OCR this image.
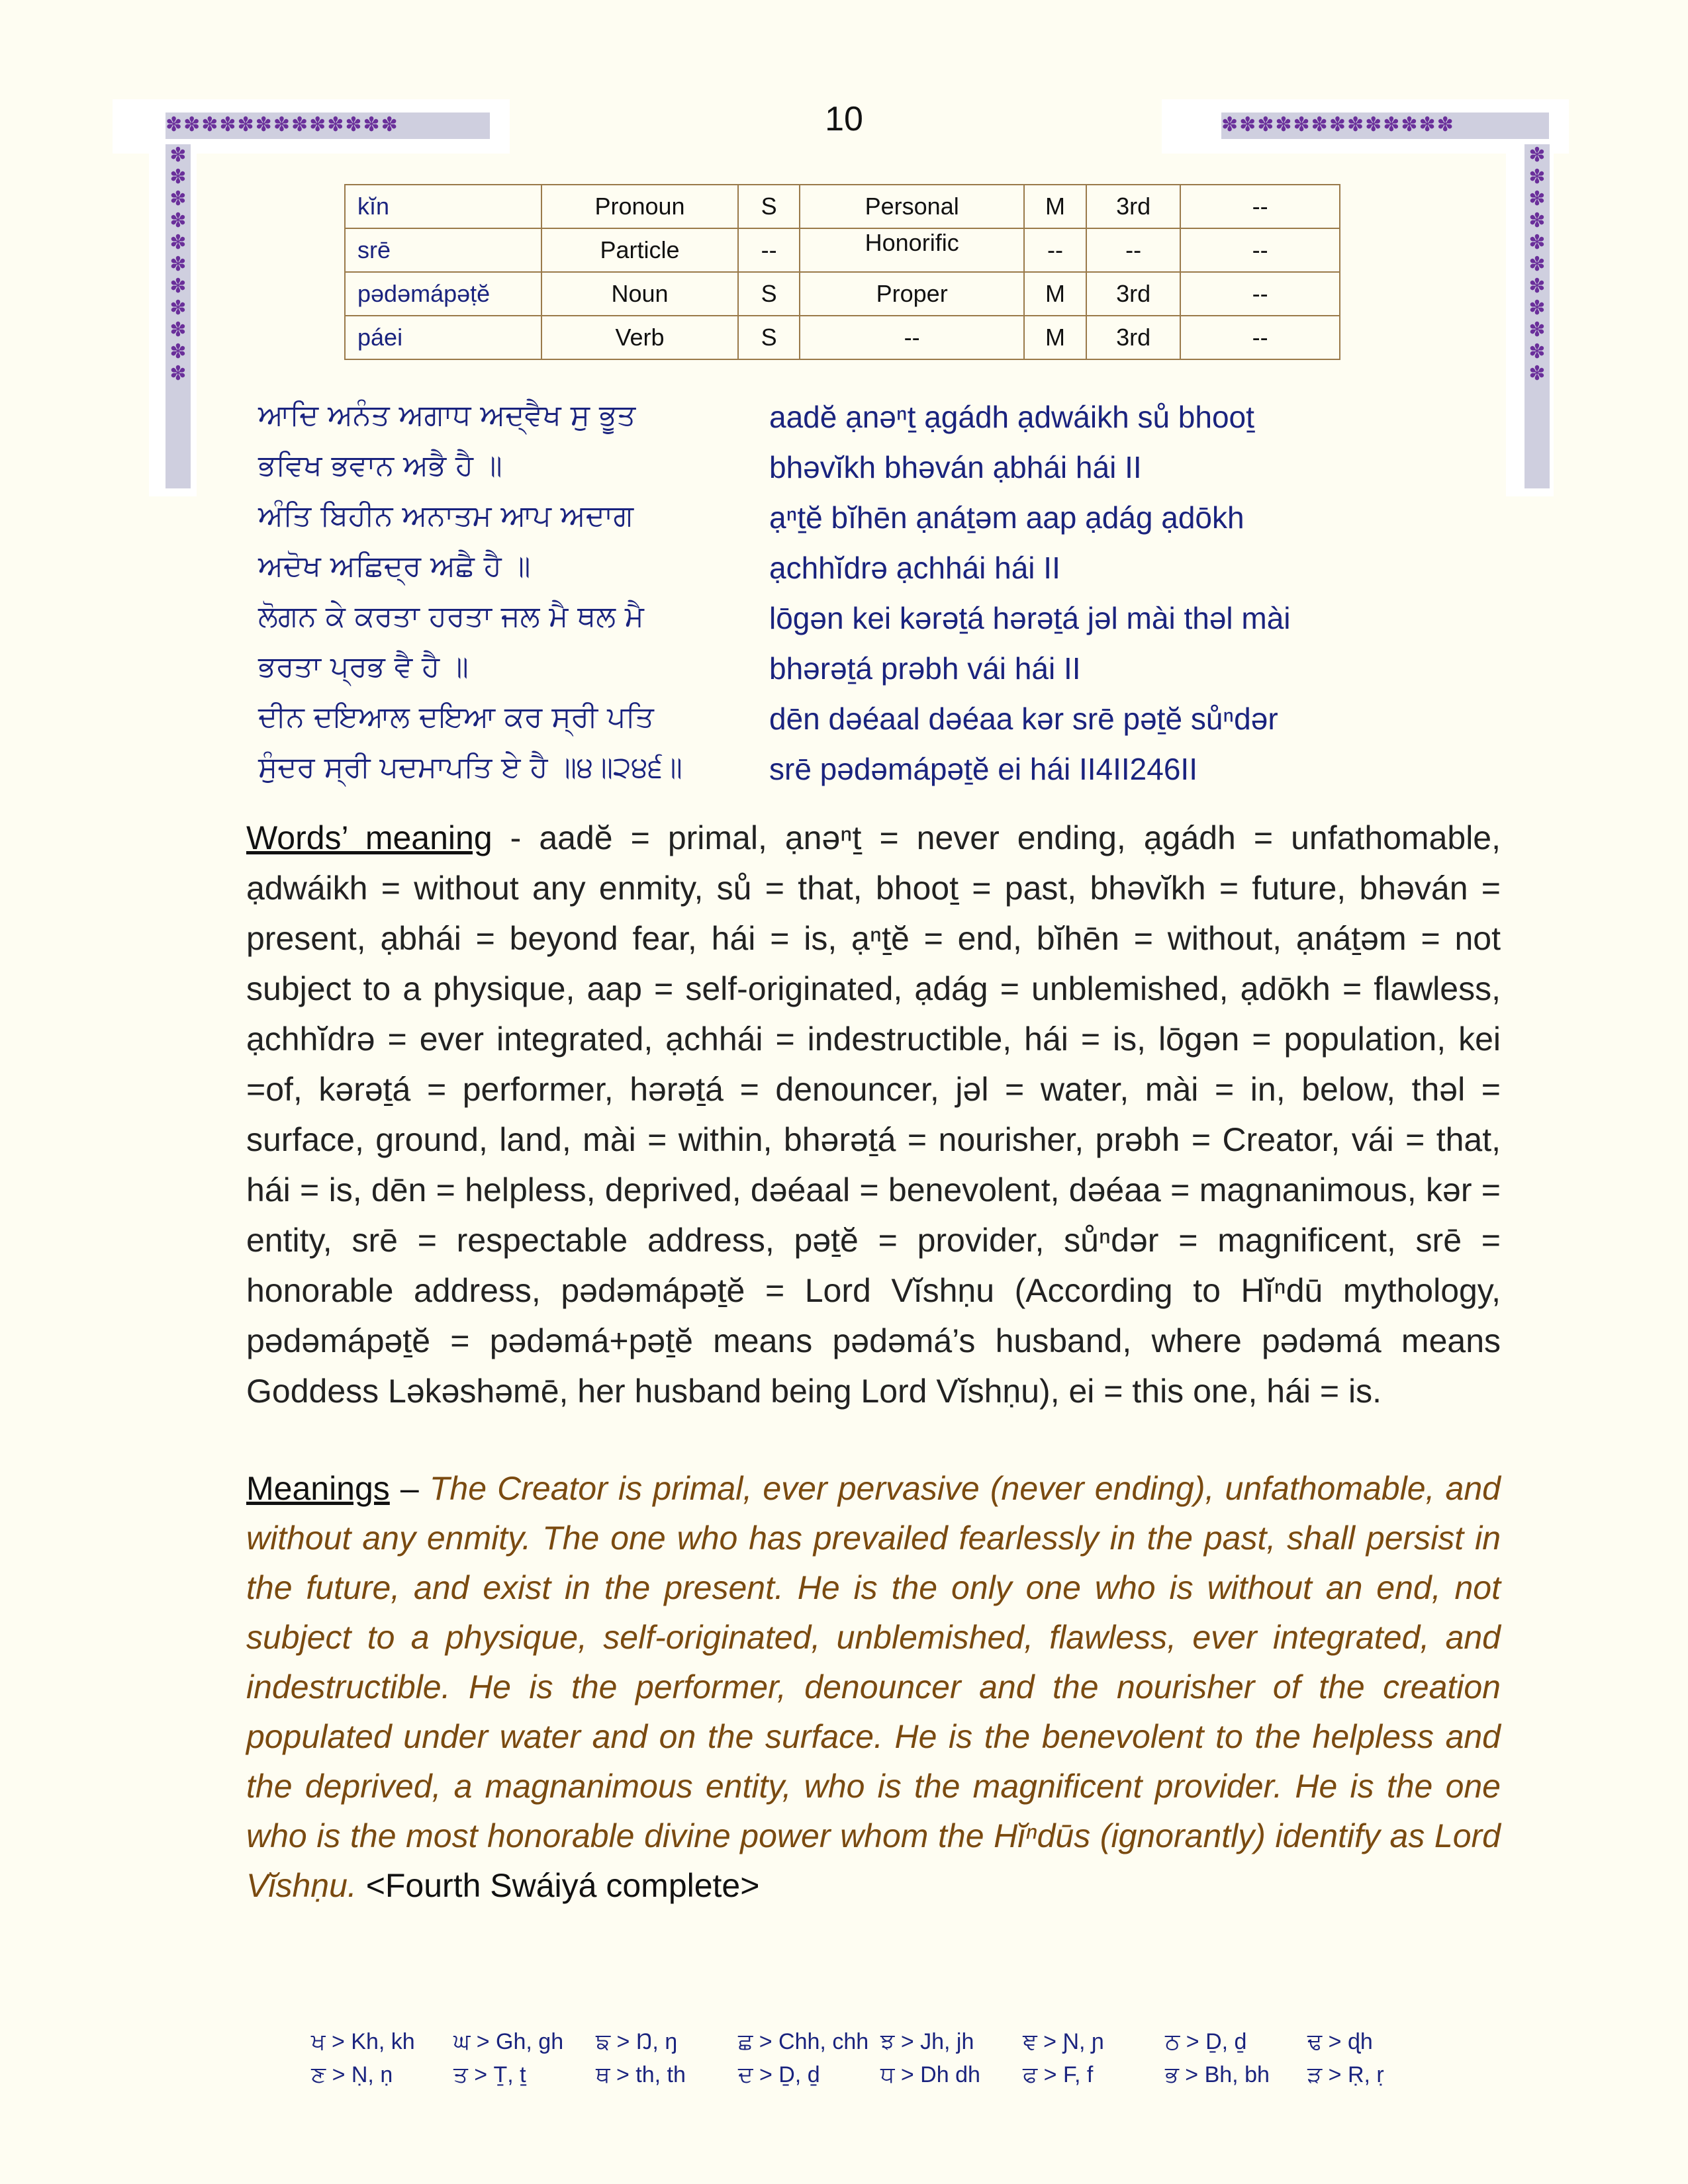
✽✽✽✽✽✽✽✽✽✽✽✽✽	✽✽✽✽✽✽✽✽✽✽✽✽✽
✽✽✽✽✽✽✽✽✽✽✽
✽✽✽✽✽✽✽✽✽✽✽
10
kĭn	Pronoun	S	Personal	M	3rd	--
srē	Particle	--	Honorific	--	--	--
pədəmápəṭĕ	Noun	S	Proper	M	3rd	--
páei	Verb	S	--	M	3rd	--
ਆਦਿ ਅਨੰਤ ਅਗਾਧ ਅਦ੍ਵੈਖ ਸੁ ਭੂਤ
ਭਵਿਖ ਭਵਾਨ ਅਭੈ ਹੈ ॥
ਅੰਤਿ ਬਿਹੀਨ ਅਨਾਤਮ ਆਪ ਅਦਾਗ
ਅਦੋਖ ਅਛਿਦ੍ਰ ਅਛੈ ਹੈ ॥
ਲੋਗਨ ਕੇ ਕਰਤਾ ਹਰਤਾ ਜਲ ਮੈ ਥਲ ਮੈ
ਭਰਤਾ ਪ੍ਰਭ ਵੈ ਹੈ ॥
ਦੀਨ ਦਇਆਲ ਦਇਆ ਕਰ ਸ੍ਰੀ ਪਤਿ
ਸੁੰਦਰ ਸ੍ਰੀ ਪਦਮਾਪਤਿ ਏ ਹੈ ॥੪॥੨੪੬॥
aadĕ ạnəⁿṯ ạgádh ạdwáikh sů bhooṯ
bhəvĭkh bhəván ạbhái hái II
ạⁿṯĕ bĭhēn ạnáṯəm aap ạdág ạdōkh
ạchhĭdrə ạchhái hái II
lōgən kei kərəṯá hərəṯá jəl mài thəl mài
bhərəṯá prəbh vái hái II
dēn dəéaal dəéaa kər srē pəṯĕ sůⁿdər
srē pədəmápəṯĕ ei hái II4II246II
Words’ meaning - aadĕ = primal, ạnəⁿṯ = never ending, ạgádh = unfathomable, ạdwáikh = without any enmity, sů = that, bhooṯ = past, bhəvĭkh = future, bhəván = present, ạbhái = beyond fear, hái = is, ạⁿṯĕ = end, bĭhēn = without, ạnáṯəm = not subject to a physique, aap = self-originated, ạdág = unblemished, ạdōkh = flawless, ạchhĭdrə = ever integrated, ạchhái = indestructible, hái = is, lōgən = population, kei =of, kərəṯá = performer, hərəṯá = denouncer, jəl = water, mài = in, below, thəl = surface, ground, land, mài = within, bhərəṯá = nourisher, prəbh = Creator, vái = that, hái = is, dēn = helpless, deprived, dəéaal = benevolent, dəéaa = magnanimous, kər = entity, srē = respectable address, pəṯĕ = provider, sůⁿdər = magnificent, srē = honorable address, pədəmápəṯĕ = Lord Vĭshṇu (According to Hĭⁿdū mythology, pədəmápəṯĕ = pədəmá+pəṯĕ means pədəmá’s husband, where pədəmá means Goddess Ləkəshəmē, her husband being Lord Vĭshṇu), ei = this one, hái = is.
Meanings – The Creator is primal, ever pervasive (never ending), unfathomable, and without any enmity. The one who has prevailed fearlessly in the past, shall persist in the future, and exist in the present. He is the only one who is without an end, not subject to a physique, self-originated, unblemished, flawless, ever integrated, and indestructible. He is the performer, denouncer and the nourisher of the creation populated under water and on the surface. He is the benevolent to the helpless and the deprived, a magnanimous entity, who is the magnificent provider. He is the one who is the most honorable divine power whom the Hĭⁿdūs (ignorantly) identify as Lord Vĭshṇu. <Fourth Swáiyá complete>
ਖ > Kh, kh	ਘ > Gh, gh	ਙ > Ŋ, ŋ	ਛ > Chh, chh ਝ > Jh, jh	ਞ > Ɲ, ɲ	ਠ > Ḏ, ḏ	ਢ > ɖh
ਣ > Ṇ, ṇ	ਤ > Ṯ, ṯ	ਥ > th, th	ਦ > Ḏ, ḏ	ਧ > Dh dh	ਫ > F, f	ਭ > Bh, bh	ੜ > Ṛ, ṛ
